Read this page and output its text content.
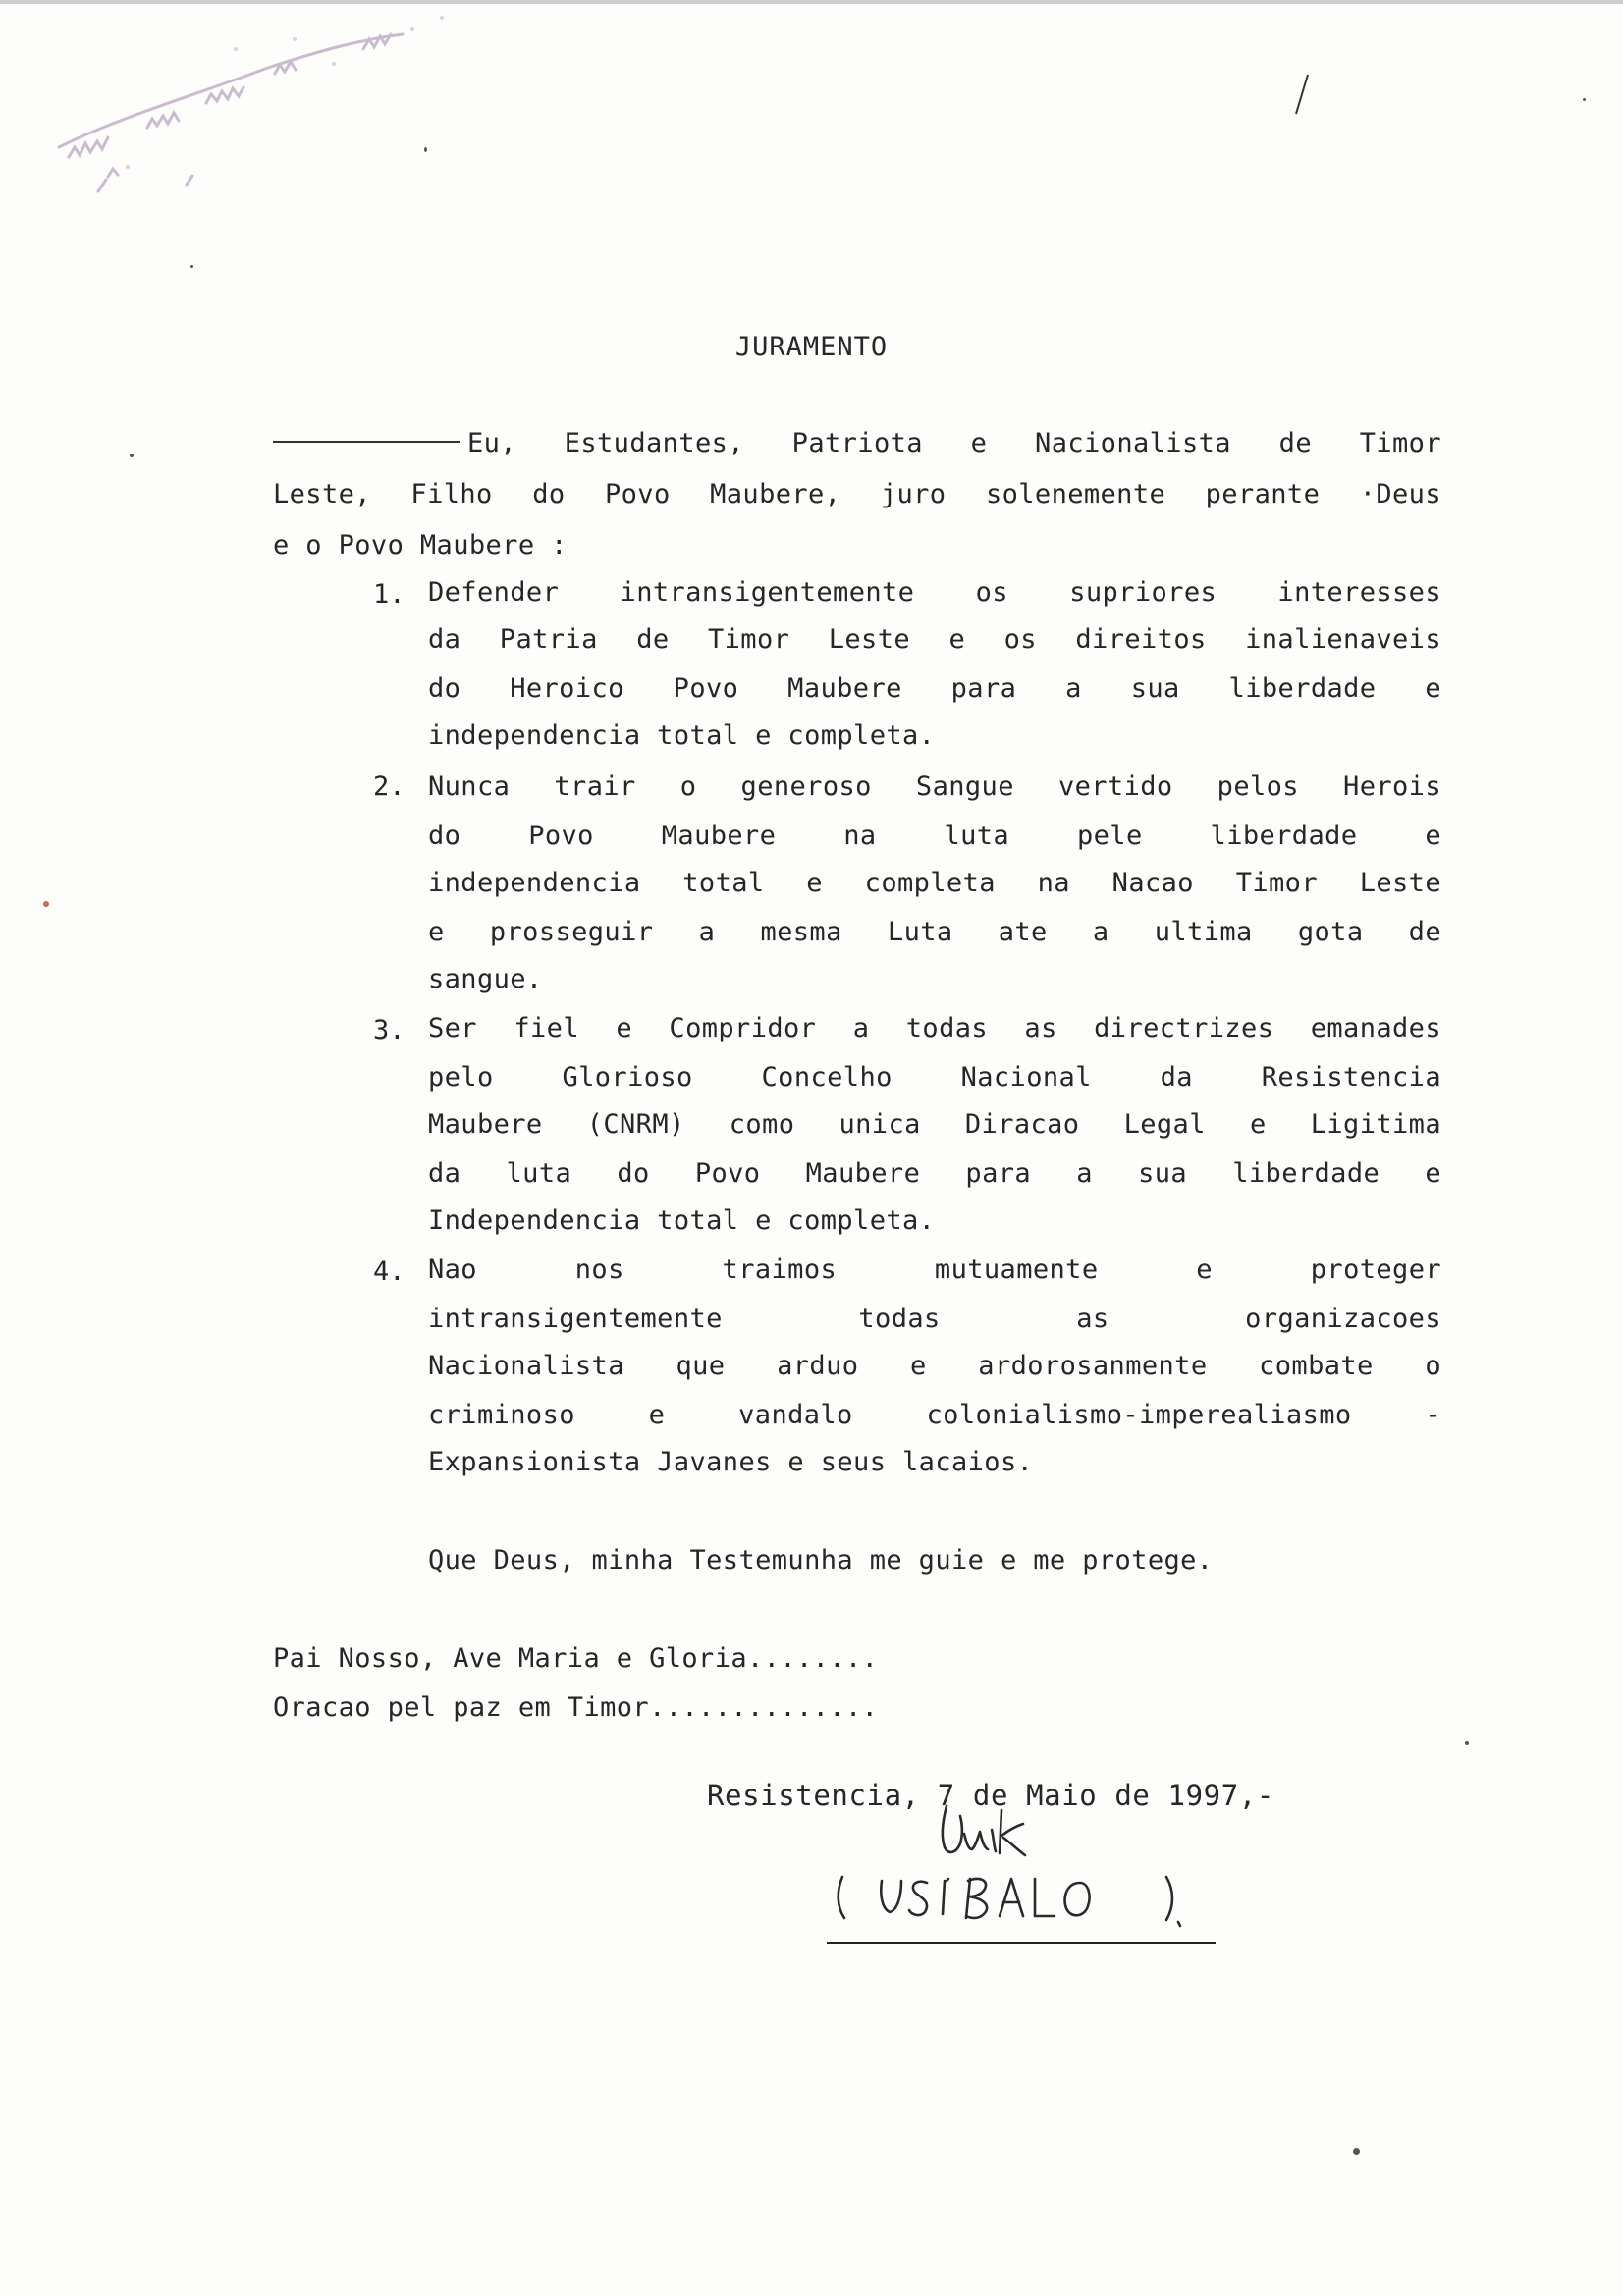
JURAMENTO
Eu, Estudantes, Patriota e Nacionalista de Timor
Leste, Filho do Povo Maubere, juro solenemente perante ·Deus
e o Povo Maubere :
1. Defender intransigentemente os supriores interesses
da Patria de Timor Leste e os direitos inalienaveis
do Heroico Povo Maubere para a sua liberdade e
independencia total e completa.
2. Nunca trair o generoso Sangue vertido pelos Herois
do Povo Maubere na luta pele liberdade e
independencia total e completa na Nacao Timor Leste
e prosseguir a mesma Luta ate a ultima gota de
sangue.
3. Ser fiel e Compridor a todas as directrizes emanades
pelo Glorioso Concelho Nacional da Resistencia
Maubere (CNRM) como unica Diracao Legal e Ligitima
da luta do Povo Maubere para a sua liberdade e
Independencia total e completa.
4. Nao nos traimos mutuamente e proteger
intransigentemente todas as organizacoes
Nacionalista que arduo e ardorosanmente combate o
criminoso e vandalo colonialismo-imperealiasmo -
Expansionista Javanes e seus lacaios.
Que Deus, minha Testemunha me guie e me protege.
Pai Nosso, Ave Maria e Gloria........
Oracao pel paz em Timor..............
Resistencia, 7 de Maio de 1997,-
